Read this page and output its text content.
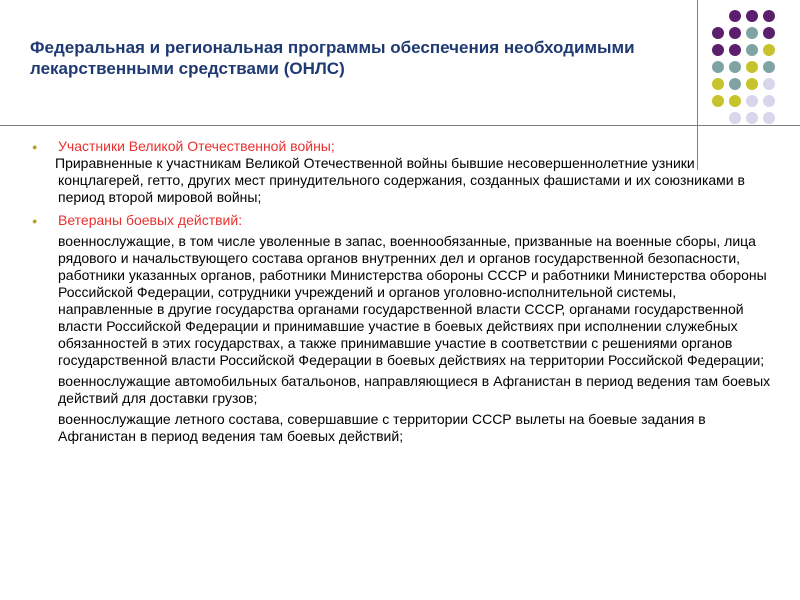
Федеральная и региональная программы обеспечения необходимыми лекарственными средствами (ОНЛС)

● Участники Великой Отечественной войны;

Приравненные к участникам Великой Отечественной войны бывшие несовершеннолетние узники концлагерей, гетто, других мест принудительного содержания, созданных фашистами и их союзниками в период второй мировой войны;

● Ветераны боевых действий:

военнослужащие, в том числе уволенные в запас, военнообязанные, призванные на военные сборы, лица рядового и начальствующего состава органов внутренних дел и органов государственной безопасности, работники указанных органов, работники Министерства обороны СССР и работники Министерства обороны Российской Федерации, сотрудники учреждений и органов уголовно-исполнительной системы, направленные в другие государства органами государственной власти СССР, органами государственной власти Российской Федерации и принимавшие участие в боевых действиях при исполнении служебных обязанностей в этих государствах, а также принимавшие участие в соответствии с решениями органов государственной власти Российской Федерации в боевых действиях на территории Российской Федерации;

военнослужащие автомобильных батальонов, направляющиеся в Афганистан в период ведения там боевых действий для доставки грузов;

военнослужащие летного состава, совершавшие с территории СССР вылеты на боевые задания в Афганистан в период ведения там боевых действий;
